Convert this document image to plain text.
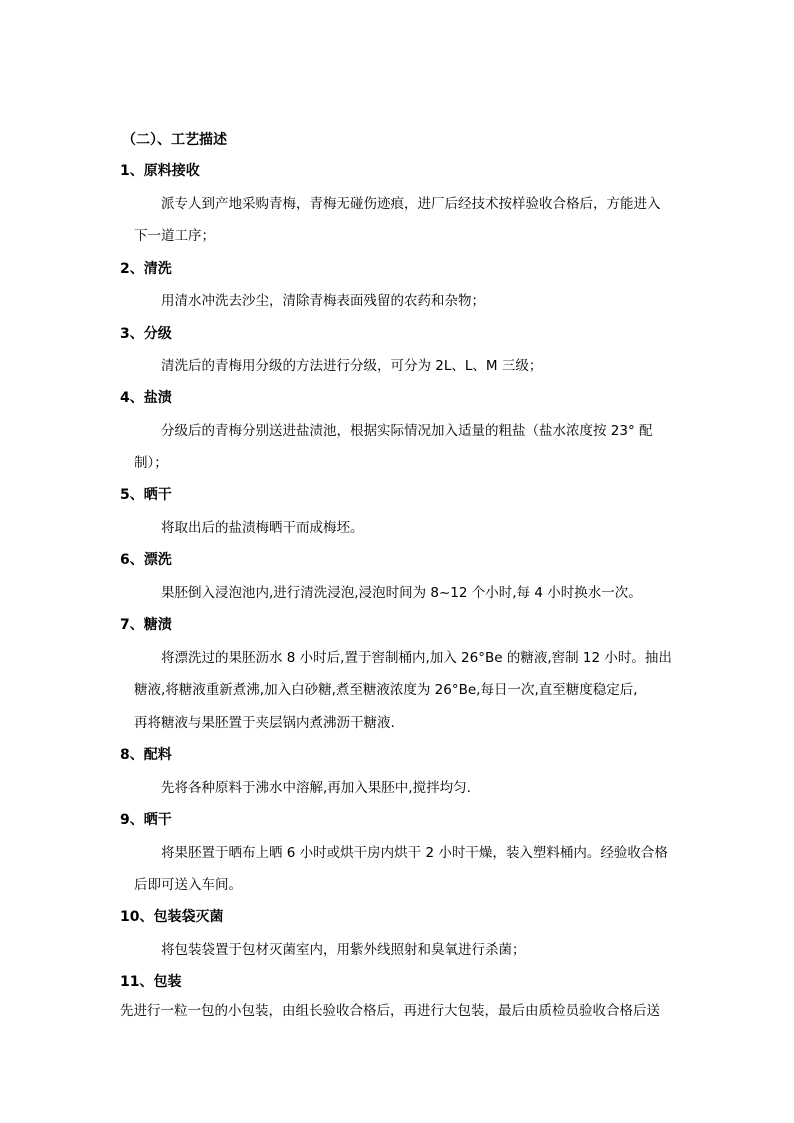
（二）、工艺描述
1、原料接收
派专人到产地采购青梅，青梅无碰伤迹痕，进厂后经技术按样验收合格后，方能进入
下一道工序；
2、清洗
用清水冲洗去沙尘，清除青梅表面残留的农药和杂物；
3、分级
清洗后的青梅用分级的方法进行分级，可分为 2L、L、M 三级；
4、盐渍
分级后的青梅分别送进盐渍池，根据实际情况加入适量的粗盐（盐水浓度按 23° 配
制）；
5、晒干
将取出后的盐渍梅晒干而成梅坯。
6、漂洗
果胚倒入浸泡池内,进行清洗浸泡,浸泡时间为 8~12 个小时,每 4 小时换水一次。
7、糖渍
将漂洗过的果胚沥水 8 小时后,置于窖制桶内,加入 26°Be 的糖液,窖制 12 小时。抽出
糖液,将糖液重新煮沸,加入白砂糖,煮至糖液浓度为 26°Be,每日一次,直至糖度稳定后,
再将糖液与果胚置于夹层锅内煮沸沥干糖液.
8、配料
先将各种原料于沸水中溶解,再加入果胚中,搅拌均匀.
9、晒干
将果胚置于晒布上晒 6 小时或烘干房内烘干 2 小时干燥，装入塑料桶内。经验收合格
后即可送入车间。
10、包装袋灭菌
将包装袋置于包材灭菌室内，用紫外线照射和臭氧进行杀菌；
11、包装
先进行一粒一包的小包装，由组长验收合格后，再进行大包装，最后由质检员验收合格后送
